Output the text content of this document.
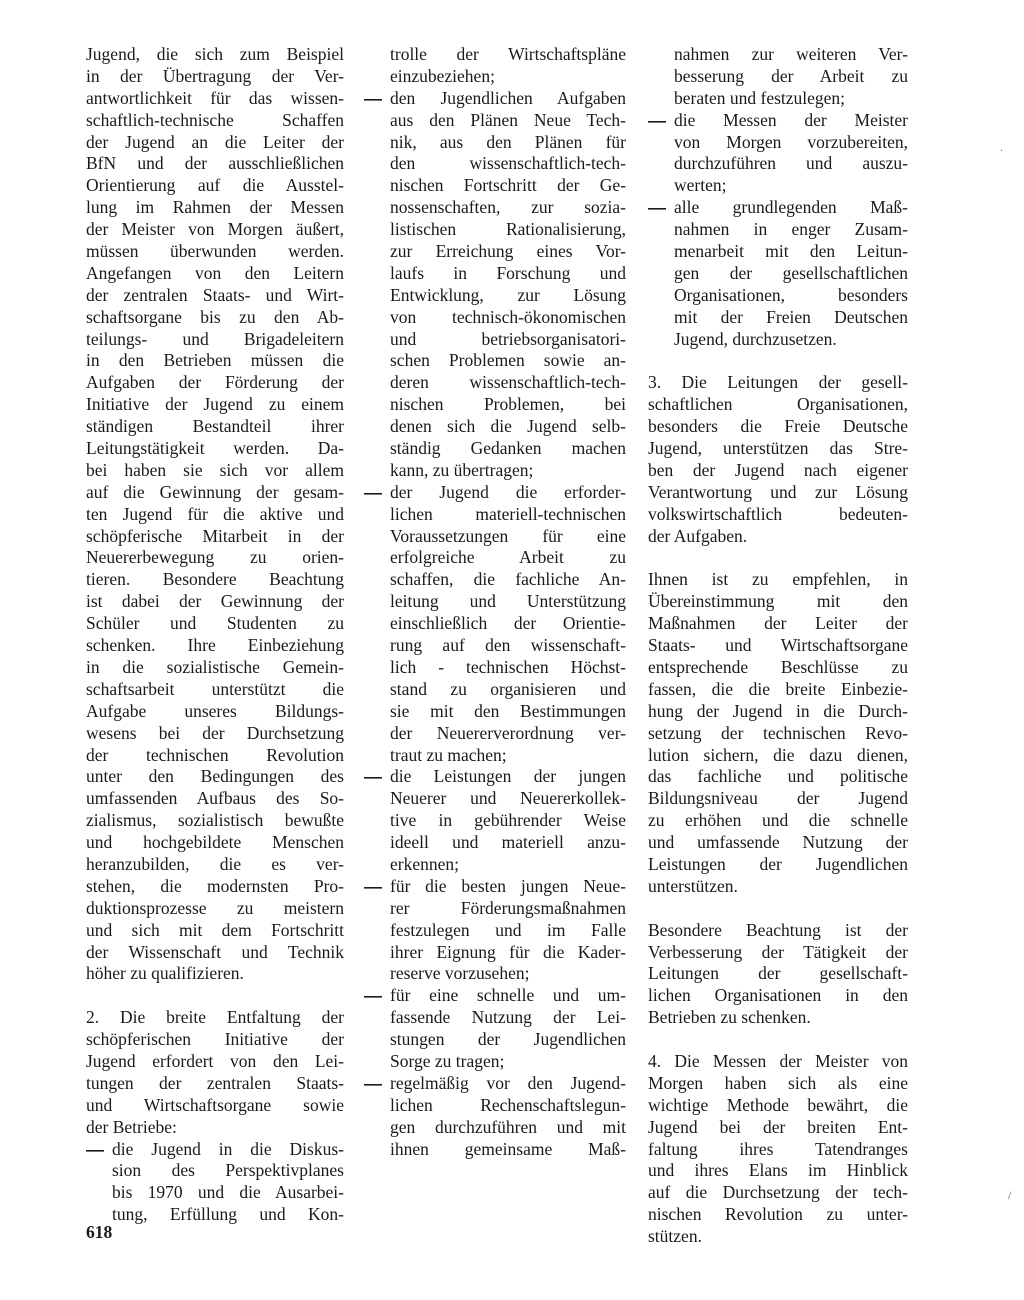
Jugend, die sich zum Beispiel
in der Übertragung der Ver-
antwortlichkeit für das wissen-
schaftlich-technische Schaffen
der Jugend an die Leiter der
BfN und der ausschließlichen
Orientierung auf die Ausstel-
lung im Rahmen der Messen
der Meister von Morgen äußert,
müssen überwunden werden.
Angefangen von den Leitern
der zentralen Staats- und Wirt-
schaftsorgane bis zu den Ab-
teilungs- und Brigadeleitern
in den Betrieben müssen die
Aufgaben der Förderung der
Initiative der Jugend zu einem
ständigen Bestandteil ihrer
Leitungstätigkeit werden. Da-
bei haben sie sich vor allem
auf die Gewinnung der gesam-
ten Jugend für die aktive und
schöpferische Mitarbeit in der
Neuererbewegung zu orien-
tieren. Besondere Beachtung
ist dabei der Gewinnung der
Schüler und Studenten zu
schenken. Ihre Einbeziehung
in die sozialistische Gemein-
schaftsarbeit unterstützt die
Aufgabe unseres Bildungs-
wesens bei der Durchsetzung
der technischen Revolution
unter den Bedingungen des
umfassenden Aufbaus des So-
zialismus, sozialistisch bewußte
und hochgebildete Menschen
heranzubilden, die es ver-
stehen, die modernsten Pro-
duktionsprozesse zu meistern
und sich mit dem Fortschritt
der Wissenschaft und Technik
höher zu qualifizieren.
2. Die breite Entfaltung der
schöpferischen Initiative der
Jugend erfordert von den Lei-
tungen der zentralen Staats-
und Wirtschaftsorgane sowie
der Betriebe:
die Jugend in die Diskus-
sion des Perspektivplanes
bis 1970 und die Ausarbei-
tung, Erfüllung und Kon-
trolle der Wirtschaftspläne
einzubeziehen;
den Jugendlichen Aufgaben
aus den Plänen Neue Tech-
nik, aus den Plänen für
den wissenschaftlich-tech-
nischen Fortschritt der Ge-
nossenschaften, zur sozia-
listischen Rationalisierung,
zur Erreichung eines Vor-
laufs in Forschung und
Entwicklung, zur Lösung
von technisch-ökonomischen
und betriebsorganisatori-
schen Problemen sowie an-
deren wissenschaftlich-tech-
nischen Problemen, bei
denen sich die Jugend selb-
ständig Gedanken machen
kann, zu übertragen;
der Jugend die erforder-
lichen materiell-technischen
Voraussetzungen für eine
erfolgreiche Arbeit zu
schaffen, die fachliche An-
leitung und Unterstützung
einschließlich der Orientie-
rung auf den wissenschaft-
lich - technischen Höchst-
stand zu organisieren und
sie mit den Bestimmungen
der Neuererverordnung ver-
traut zu machen;
die Leistungen der jungen
Neuerer und Neuererkollek-
tive in gebührender Weise
ideell und materiell anzu-
erkennen;
für die besten jungen Neue-
rer Förderungsmaßnahmen
festzulegen und im Falle
ihrer Eignung für die Kader-
reserve vorzusehen;
für eine schnelle und um-
fassende Nutzung der Lei-
stungen der Jugendlichen
Sorge zu tragen;
regelmäßig vor den Jugend-
lichen Rechenschaftslegun-
gen durchzuführen und mit
ihnen gemeinsame Maß-
nahmen zur weiteren Ver-
besserung der Arbeit zu
beraten und festzulegen;
die Messen der Meister
von Morgen vorzubereiten,
durchzuführen und auszu-
werten;
alle grundlegenden Maß-
nahmen in enger Zusam-
menarbeit mit den Leitun-
gen der gesellschaftlichen
Organisationen, besonders
mit der Freien Deutschen
Jugend, durchzusetzen.
3. Die Leitungen der gesell-
schaftlichen Organisationen,
besonders die Freie Deutsche
Jugend, unterstützen das Stre-
ben der Jugend nach eigener
Verantwortung und zur Lösung
volkswirtschaftlich bedeuten-
der Aufgaben.
Ihnen ist zu empfehlen, in
Übereinstimmung mit den
Maßnahmen der Leiter der
Staats- und Wirtschaftsorgane
entsprechende Beschlüsse zu
fassen, die die breite Einbezie-
hung der Jugend in die Durch-
setzung der technischen Revo-
lution sichern, die dazu dienen,
das fachliche und politische
Bildungsniveau der Jugend
zu erhöhen und die schnelle
und umfassende Nutzung der
Leistungen der Jugendlichen
unterstützen.
Besondere Beachtung ist der
Verbesserung der Tätigkeit der
Leitungen der gesellschaft-
lichen Organisationen in den
Betrieben zu schenken.
4. Die Messen der Meister von
Morgen haben sich als eine
wichtige Methode bewährt, die
Jugend bei der breiten Ent-
faltung ihres Tatendranges
und ihres Elans im Hinblick
auf die Durchsetzung der tech-
nischen Revolution zu unter-
stützen.
618
.
/
